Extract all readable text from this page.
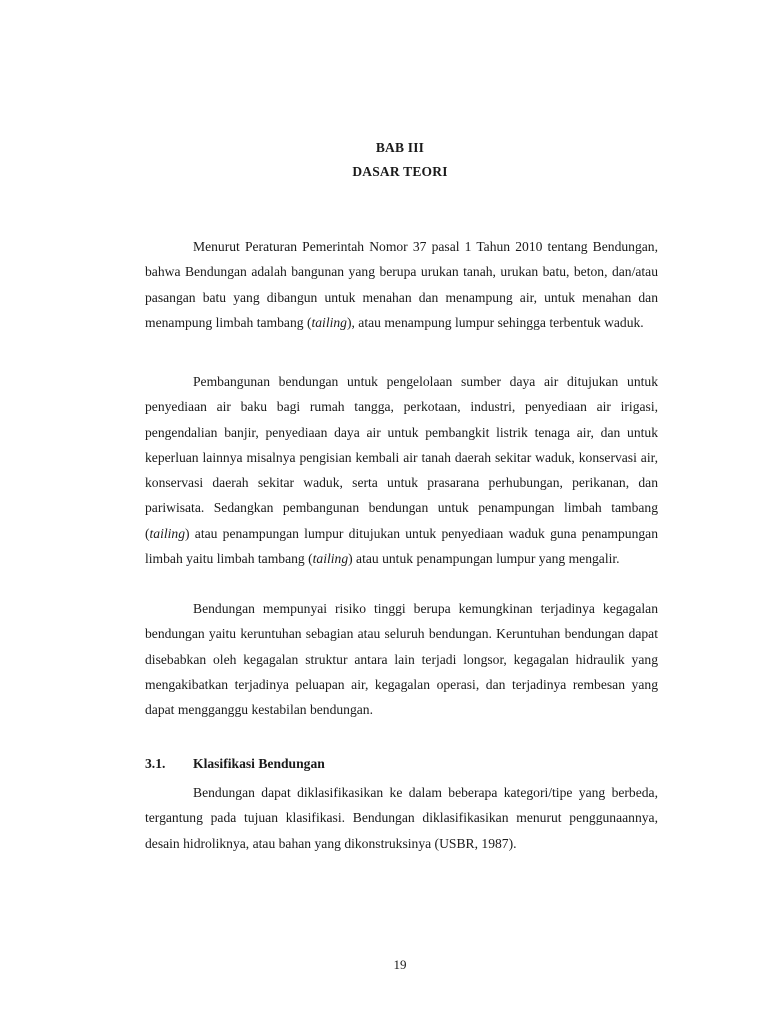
BAB III
DASAR TEORI

Menurut Peraturan Pemerintah Nomor 37 pasal 1 Tahun 2010 tentang Bendungan, bahwa Bendungan adalah bangunan yang berupa urukan tanah, urukan batu, beton, dan/atau pasangan batu yang dibangun untuk menahan dan menampung air, untuk menahan dan menampung limbah tambang (tailing), atau menampung lumpur sehingga terbentuk waduk.

Pembangunan bendungan untuk pengelolaan sumber daya air ditujukan untuk penyediaan air baku bagi rumah tangga, perkotaan, industri, penyediaan air irigasi, pengendalian banjir, penyediaan daya air untuk pembangkit listrik tenaga air, dan untuk keperluan lainnya misalnya pengisian kembali air tanah daerah sekitar waduk, konservasi air, konservasi daerah sekitar waduk, serta untuk prasarana perhubungan, perikanan, dan pariwisata. Sedangkan pembangunan bendungan untuk penampungan limbah tambang (tailing) atau penampungan lumpur ditujukan untuk penyediaan waduk guna penampungan limbah yaitu limbah tambang (tailing) atau untuk penampungan lumpur yang mengalir.

Bendungan mempunyai risiko tinggi berupa kemungkinan terjadinya kegagalan bendungan yaitu keruntuhan sebagian atau seluruh bendungan. Keruntuhan bendungan dapat disebabkan oleh kegagalan struktur antara lain terjadi longsor, kegagalan hidraulik yang mengakibatkan terjadinya peluapan air, kegagalan operasi, dan terjadinya rembesan yang dapat mengganggu kestabilan bendungan.

3.1.	Klasifikasi Bendungan

Bendungan dapat diklasifikasikan ke dalam beberapa kategori/tipe yang berbeda, tergantung pada tujuan klasifikasi. Bendungan diklasifikasikan menurut penggunaannya, desain hidroliknya, atau bahan yang dikonstruksinya (USBR, 1987).

19
